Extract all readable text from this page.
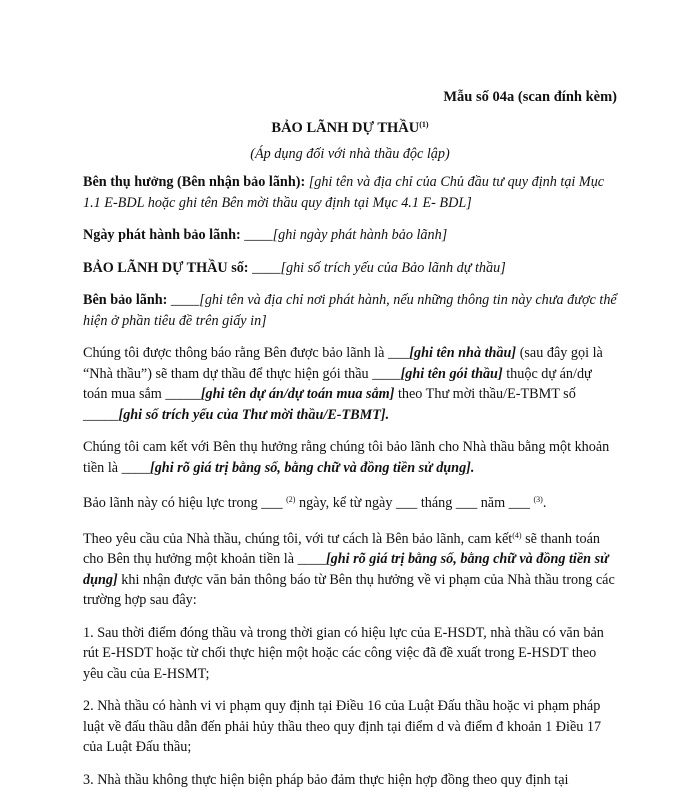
Mẫu số 04a (scan đính kèm)
BẢO LÃNH DỰ THẦU$^{(1)}$
(Áp dụng đối với nhà thầu độc lập)

Bên thụ hưởng (Bên nhận bảo lãnh): [ghi tên và địa chỉ của Chủ đầu tư quy định tại Mục 1.1 E-BDL hoặc ghi tên Bên mời thầu quy định tại Mục 4.1 E- BDL]

Ngày phát hành bảo lãnh: ____[ghi ngày phát hành bảo lãnh]

BẢO LÃNH DỰ THẦU số: ____[ghi số trích yếu của Bảo lãnh dự thầu]

Bên bảo lãnh: ____[ghi tên và địa chỉ nơi phát hành, nếu những thông tin này chưa được thể hiện ở phần tiêu đề trên giấy in]

Chúng tôi được thông báo rằng Bên được bảo lãnh là ___[ghi tên nhà thầu] (sau đây gọi là “Nhà thầu”) sẽ tham dự thầu để thực hiện gói thầu ____[ghi tên gói thầu] thuộc dự án/dự toán mua sắm _____[ghi tên dự án/dự toán mua sắm] theo Thư mời thầu/E-TBMT số _____[ghi số trích yếu của Thư mời thầu/E-TBMT].

Chúng tôi cam kết với Bên thụ hưởng rằng chúng tôi bảo lãnh cho Nhà thầu bằng một khoản tiền là ____[ghi rõ giá trị bằng số, bằng chữ và đồng tiền sử dụng].

Bảo lãnh này có hiệu lực trong ___ $^{(2)}$ ngày, kể từ ngày ___ tháng ___ năm ___ $^{(3)}$.

Theo yêu cầu của Nhà thầu, chúng tôi, với tư cách là Bên bảo lãnh, cam kết$^{(4)}$ sẽ thanh toán cho Bên thụ hưởng một khoản tiền là ____[ghi rõ giá trị bằng số, bằng chữ và đồng tiền sử dụng] khi nhận được văn bản thông báo từ Bên thụ hưởng về vi phạm của Nhà thầu trong các trường hợp sau đây:

1. Sau thời điểm đóng thầu và trong thời gian có hiệu lực của E-HSDT, nhà thầu có văn bản rút E-HSDT hoặc từ chối thực hiện một hoặc các công việc đã đề xuất trong E-HSDT theo yêu cầu của E-HSMT;

2. Nhà thầu có hành vi vi phạm quy định tại Điều 16 của Luật Đấu thầu hoặc vi phạm pháp luật về đấu thầu dẫn đến phải hủy thầu theo quy định tại điểm d và điểm đ khoản 1 Điều 17 của Luật Đấu thầu;

3. Nhà thầu không thực hiện biện pháp bảo đảm thực hiện hợp đồng theo quy định tại
